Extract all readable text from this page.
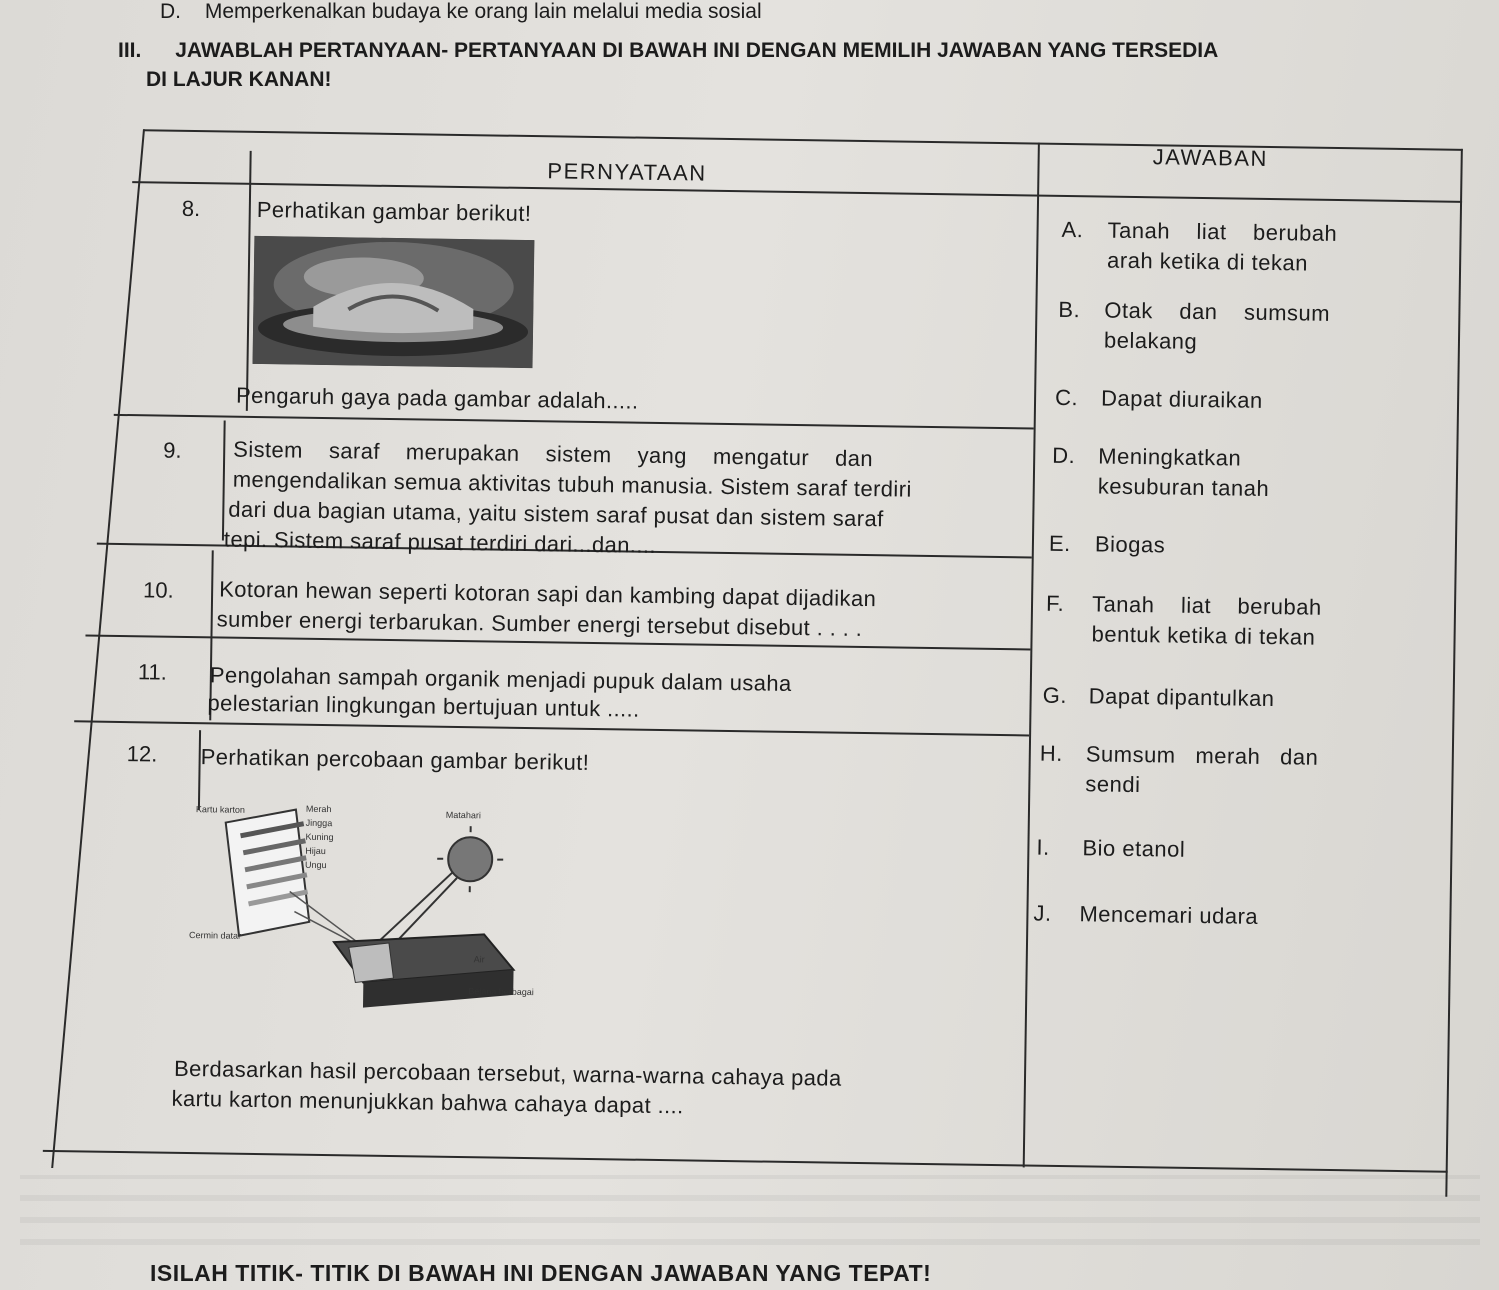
D. Memperkenalkan budaya ke orang lain melalui media sosial
III. JAWABLAH PERTANYAAN- PERTANYAAN DI BAWAH INI DENGAN MEMILIH JAWABAN YANG TERSEDIA
DI LAJUR KANAN!
PERNYATAAN
JAWABAN
8.	Perhatikan gambar berikut!
Pengaruh gaya pada gambar adalah.....
9. Sistem    saraf    merupakan    sistem    yang    mengatur    dan
mengendalikan semua aktivitas tubuh manusia. Sistem saraf terdiri
dari dua bagian utama, yaitu sistem saraf pusat dan sistem saraf
tepi. Sistem saraf pusat terdiri dari...dan....
10. Kotoran hewan seperti kotoran sapi dan kambing dapat dijadikan
sumber energi terbarukan. Sumber energi tersebut disebut . . . .
11. Pengolahan sampah organik menjadi pupuk dalam usaha
pelestarian lingkungan bertujuan untuk .....
12. Perhatikan percobaan gambar berikut!
Kartu karton	Merah
Jingga
Kuning
Hijau
Ungu
Matahari
Cermin datar
Air
Bejana berbagai
Berdasarkan hasil percobaan tersebut, warna-warna cahaya pada
kartu karton menunjukkan bahwa cahaya dapat ....
A. Tanah    liat    berubah
arah ketika di tekan
B. Otak    dan    sumsum
belakang
C. Dapat diuraikan
D. Meningkatkan
kesuburan tanah
E. Biogas
F. Tanah    liat    berubah
bentuk ketika di tekan
G. Dapat dipantulkan
H. Sumsum   merah   dan
sendi
I. Bio etanol
J. Mencemari udara
ISILAH TITIK- TITIK DI BAWAH INI DENGAN JAWABAN YANG TEPAT!
